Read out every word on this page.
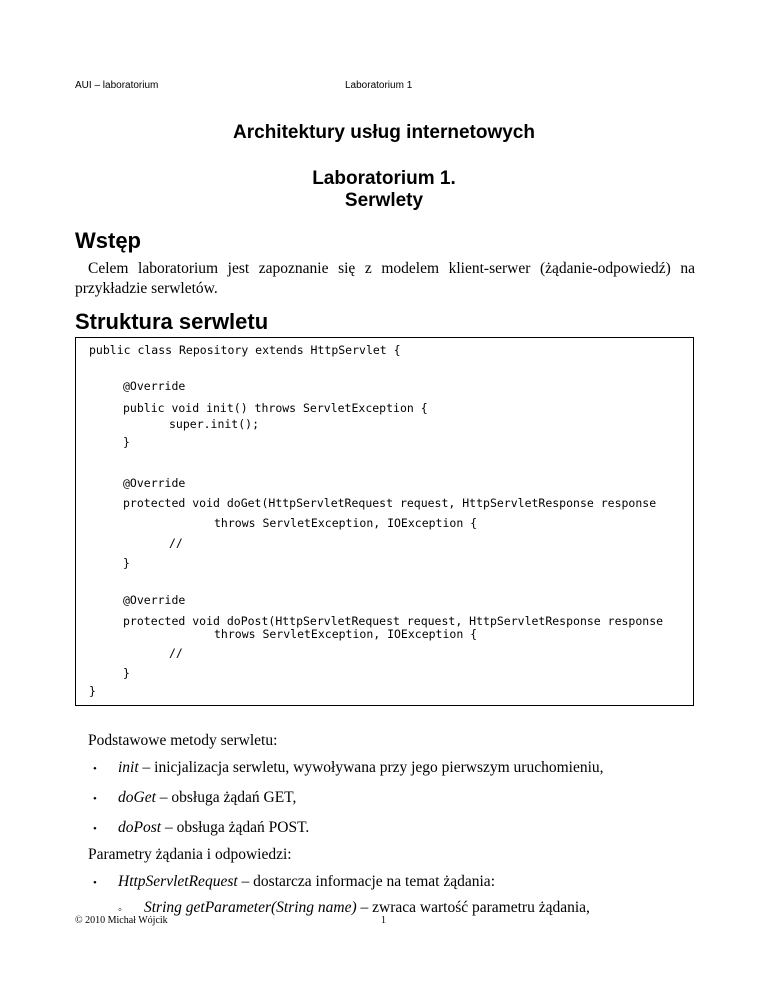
AUI – laboratorium	Laboratorium 1
Architektury usług internetowych
Laboratorium 1.
Serwlety
Wstęp
Celem laboratorium jest zapoznanie się z modelem klient-serwer (żądanie-odpowiedź) na przykładzie serwletów.
Struktura serwletu
public class Repository extends HttpServlet {
@Override
public void init() throws ServletException {
super.init();
}
@Override
protected void doGet(HttpServletRequest request, HttpServletResponse response
throws ServletException, IOException {
//
}
@Override
protected void doPost(HttpServletRequest request, HttpServletResponse response
throws ServletException, IOException {
//
}
}
Podstawowe metody serwletu:
• init – inicjalizacja serwletu, wywoływana przy jego pierwszym uruchomieniu,
• doGet – obsługa żądań GET,
• doPost – obsługa żądań POST.
Parametry żądania i odpowiedzi:
• HttpServletRequest – dostarcza informacje na temat żądania:
◦ String getParameter(String name) – zwraca wartość parametru żądania,
© 2010 Michał Wójcik	1
